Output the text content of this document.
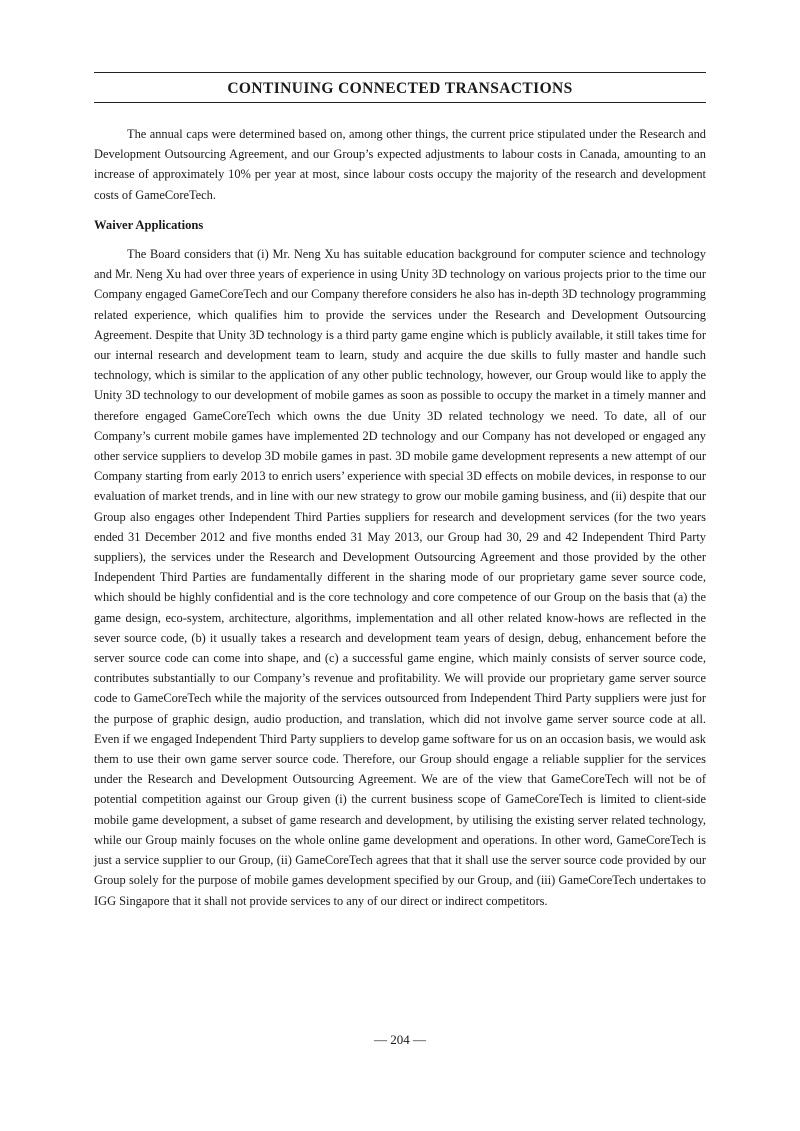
CONTINUING CONNECTED TRANSACTIONS

The annual caps were determined based on, among other things, the current price stipulated under the Research and Development Outsourcing Agreement, and our Group’s expected adjustments to labour costs in Canada, amounting to an increase of approximately 10% per year at most, since labour costs occupy the majority of the research and development costs of GameCoreTech.

Waiver Applications

The Board considers that (i) Mr. Neng Xu has suitable education background for computer science and technology and Mr. Neng Xu had over three years of experience in using Unity 3D technology on various projects prior to the time our Company engaged GameCoreTech and our Company therefore considers he also has in-depth 3D technology programming related experience, which qualifies him to provide the services under the Research and Development Outsourcing Agreement. Despite that Unity 3D technology is a third party game engine which is publicly available, it still takes time for our internal research and development team to learn, study and acquire the due skills to fully master and handle such technology, which is similar to the application of any other public technology, however, our Group would like to apply the Unity 3D technology to our development of mobile games as soon as possible to occupy the market in a timely manner and therefore engaged GameCoreTech which owns the due Unity 3D related technology we need. To date, all of our Company’s current mobile games have implemented 2D technology and our Company has not developed or engaged any other service suppliers to develop 3D mobile games in past. 3D mobile game development represents a new attempt of our Company starting from early 2013 to enrich users’ experience with special 3D effects on mobile devices, in response to our evaluation of market trends, and in line with our new strategy to grow our mobile gaming business, and (ii) despite that our Group also engages other Independent Third Parties suppliers for research and development services (for the two years ended 31 December 2012 and five months ended 31 May 2013, our Group had 30, 29 and 42 Independent Third Party suppliers), the services under the Research and Development Outsourcing Agreement and those provided by the other Independent Third Parties are fundamentally different in the sharing mode of our proprietary game sever source code, which should be highly confidential and is the core technology and core competence of our Group on the basis that (a) the game design, eco-system, architecture, algorithms, implementation and all other related know-hows are reflected in the sever source code, (b) it usually takes a research and development team years of design, debug, enhancement before the server source code can come into shape, and (c) a successful game engine, which mainly consists of server source code, contributes substantially to our Company’s revenue and profitability. We will provide our proprietary game server source code to GameCoreTech while the majority of the services outsourced from Independent Third Party suppliers were just for the purpose of graphic design, audio production, and translation, which did not involve game server source code at all. Even if we engaged Independent Third Party suppliers to develop game software for us on an occasion basis, we would ask them to use their own game server source code. Therefore, our Group should engage a reliable supplier for the services under the Research and Development Outsourcing Agreement. We are of the view that GameCoreTech will not be of potential competition against our Group given (i) the current business scope of GameCoreTech is limited to client-side mobile game development, a subset of game research and development, by utilising the existing server related technology, while our Group mainly focuses on the whole online game development and operations. In other word, GameCoreTech is just a service supplier to our Group, (ii) GameCoreTech agrees that that it shall use the server source code provided by our Group solely for the purpose of mobile games development specified by our Group, and (iii) GameCoreTech undertakes to IGG Singapore that it shall not provide services to any of our direct or indirect competitors.

— 204 —
